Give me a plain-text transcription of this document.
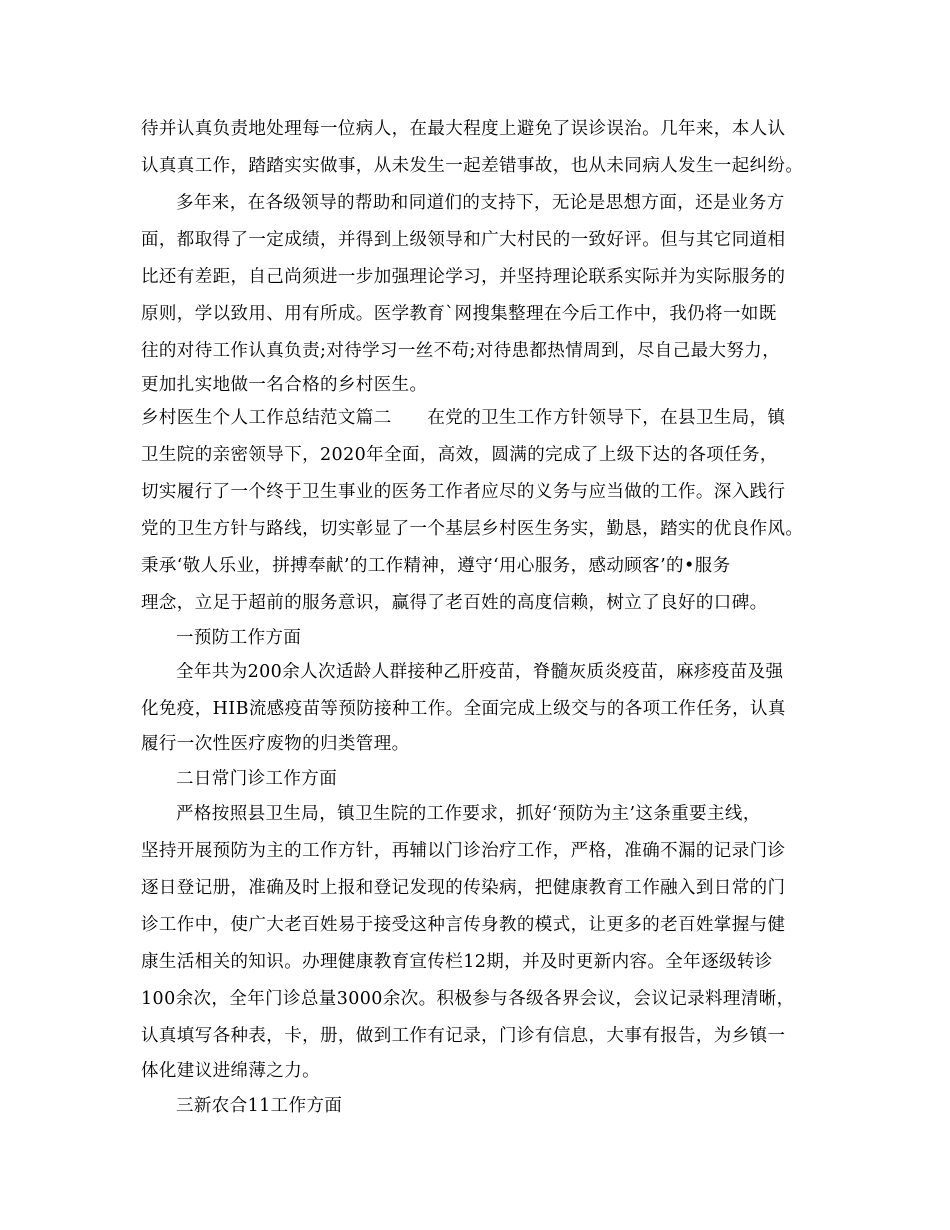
待并认真负责地处理每一位病人，在最大程度上避免了误诊误治。几年来，本人认
认真真工作，踏踏实实做事，从未发生一起差错事故，也从未同病人发生一起纠纷。
多年来，在各级领导的帮助和同道们的支持下，无论是思想方面，还是业务方
面，都取得了一定成绩，并得到上级领导和广大村民的一致好评。但与其它同道相
比还有差距，自己尚须进一步加强理论学习，并坚持理论联系实际并为实际服务的
原则，学以致用、用有所成。医学教育`网搜集整理在今后工作中，我仍将一如既
往的对待工作认真负责;对待学习一丝不苟;对待患都热情周到，尽自己最大努力，
更加扎实地做一名合格的乡村医生。
乡村医生个人工作总结范文篇二　　在党的卫生工作方针领导下，在县卫生局，镇
卫生院的亲密领导下，2020年全面，高效，圆满的完成了上级下达的各项任务，
切实履行了一个终于卫生事业的医务工作者应尽的义务与应当做的工作。深入践行
党的卫生方针与路线，切实彰显了一个基层乡村医生务实，勤恳，踏实的优良作风。
秉承‘敬人乐业，拼搏奉献’的工作精神，遵守‘用心服务，感动顾客’的•服务
理念，立足于超前的服务意识，赢得了老百姓的高度信赖，树立了良好的口碑。
一预防工作方面
全年共为200余人次适龄人群接种乙肝疫苗，脊髓灰质炎疫苗，麻疹疫苗及强
化免疫，HIB流感疫苗等预防接种工作。全面完成上级交与的各项工作任务，认真
履行一次性医疗废物的归类管理。
二日常门诊工作方面
严格按照县卫生局，镇卫生院的工作要求，抓好‘预防为主’这条重要主线，
坚持开展预防为主的工作方针，再辅以门诊治疗工作，严格，准确不漏的记录门诊
逐日登记册，准确及时上报和登记发现的传染病，把健康教育工作融入到日常的门
诊工作中，使广大老百姓易于接受这种言传身教的模式，让更多的老百姓掌握与健
康生活相关的知识。办理健康教育宣传栏12期，并及时更新内容。全年逐级转诊
100余次，全年门诊总量3000余次。积极参与各级各界会议，会议记录料理清晰，
认真填写各种表，卡，册，做到工作有记录，门诊有信息，大事有报告，为乡镇一
体化建议进绵薄之力。
三新农合11工作方面
